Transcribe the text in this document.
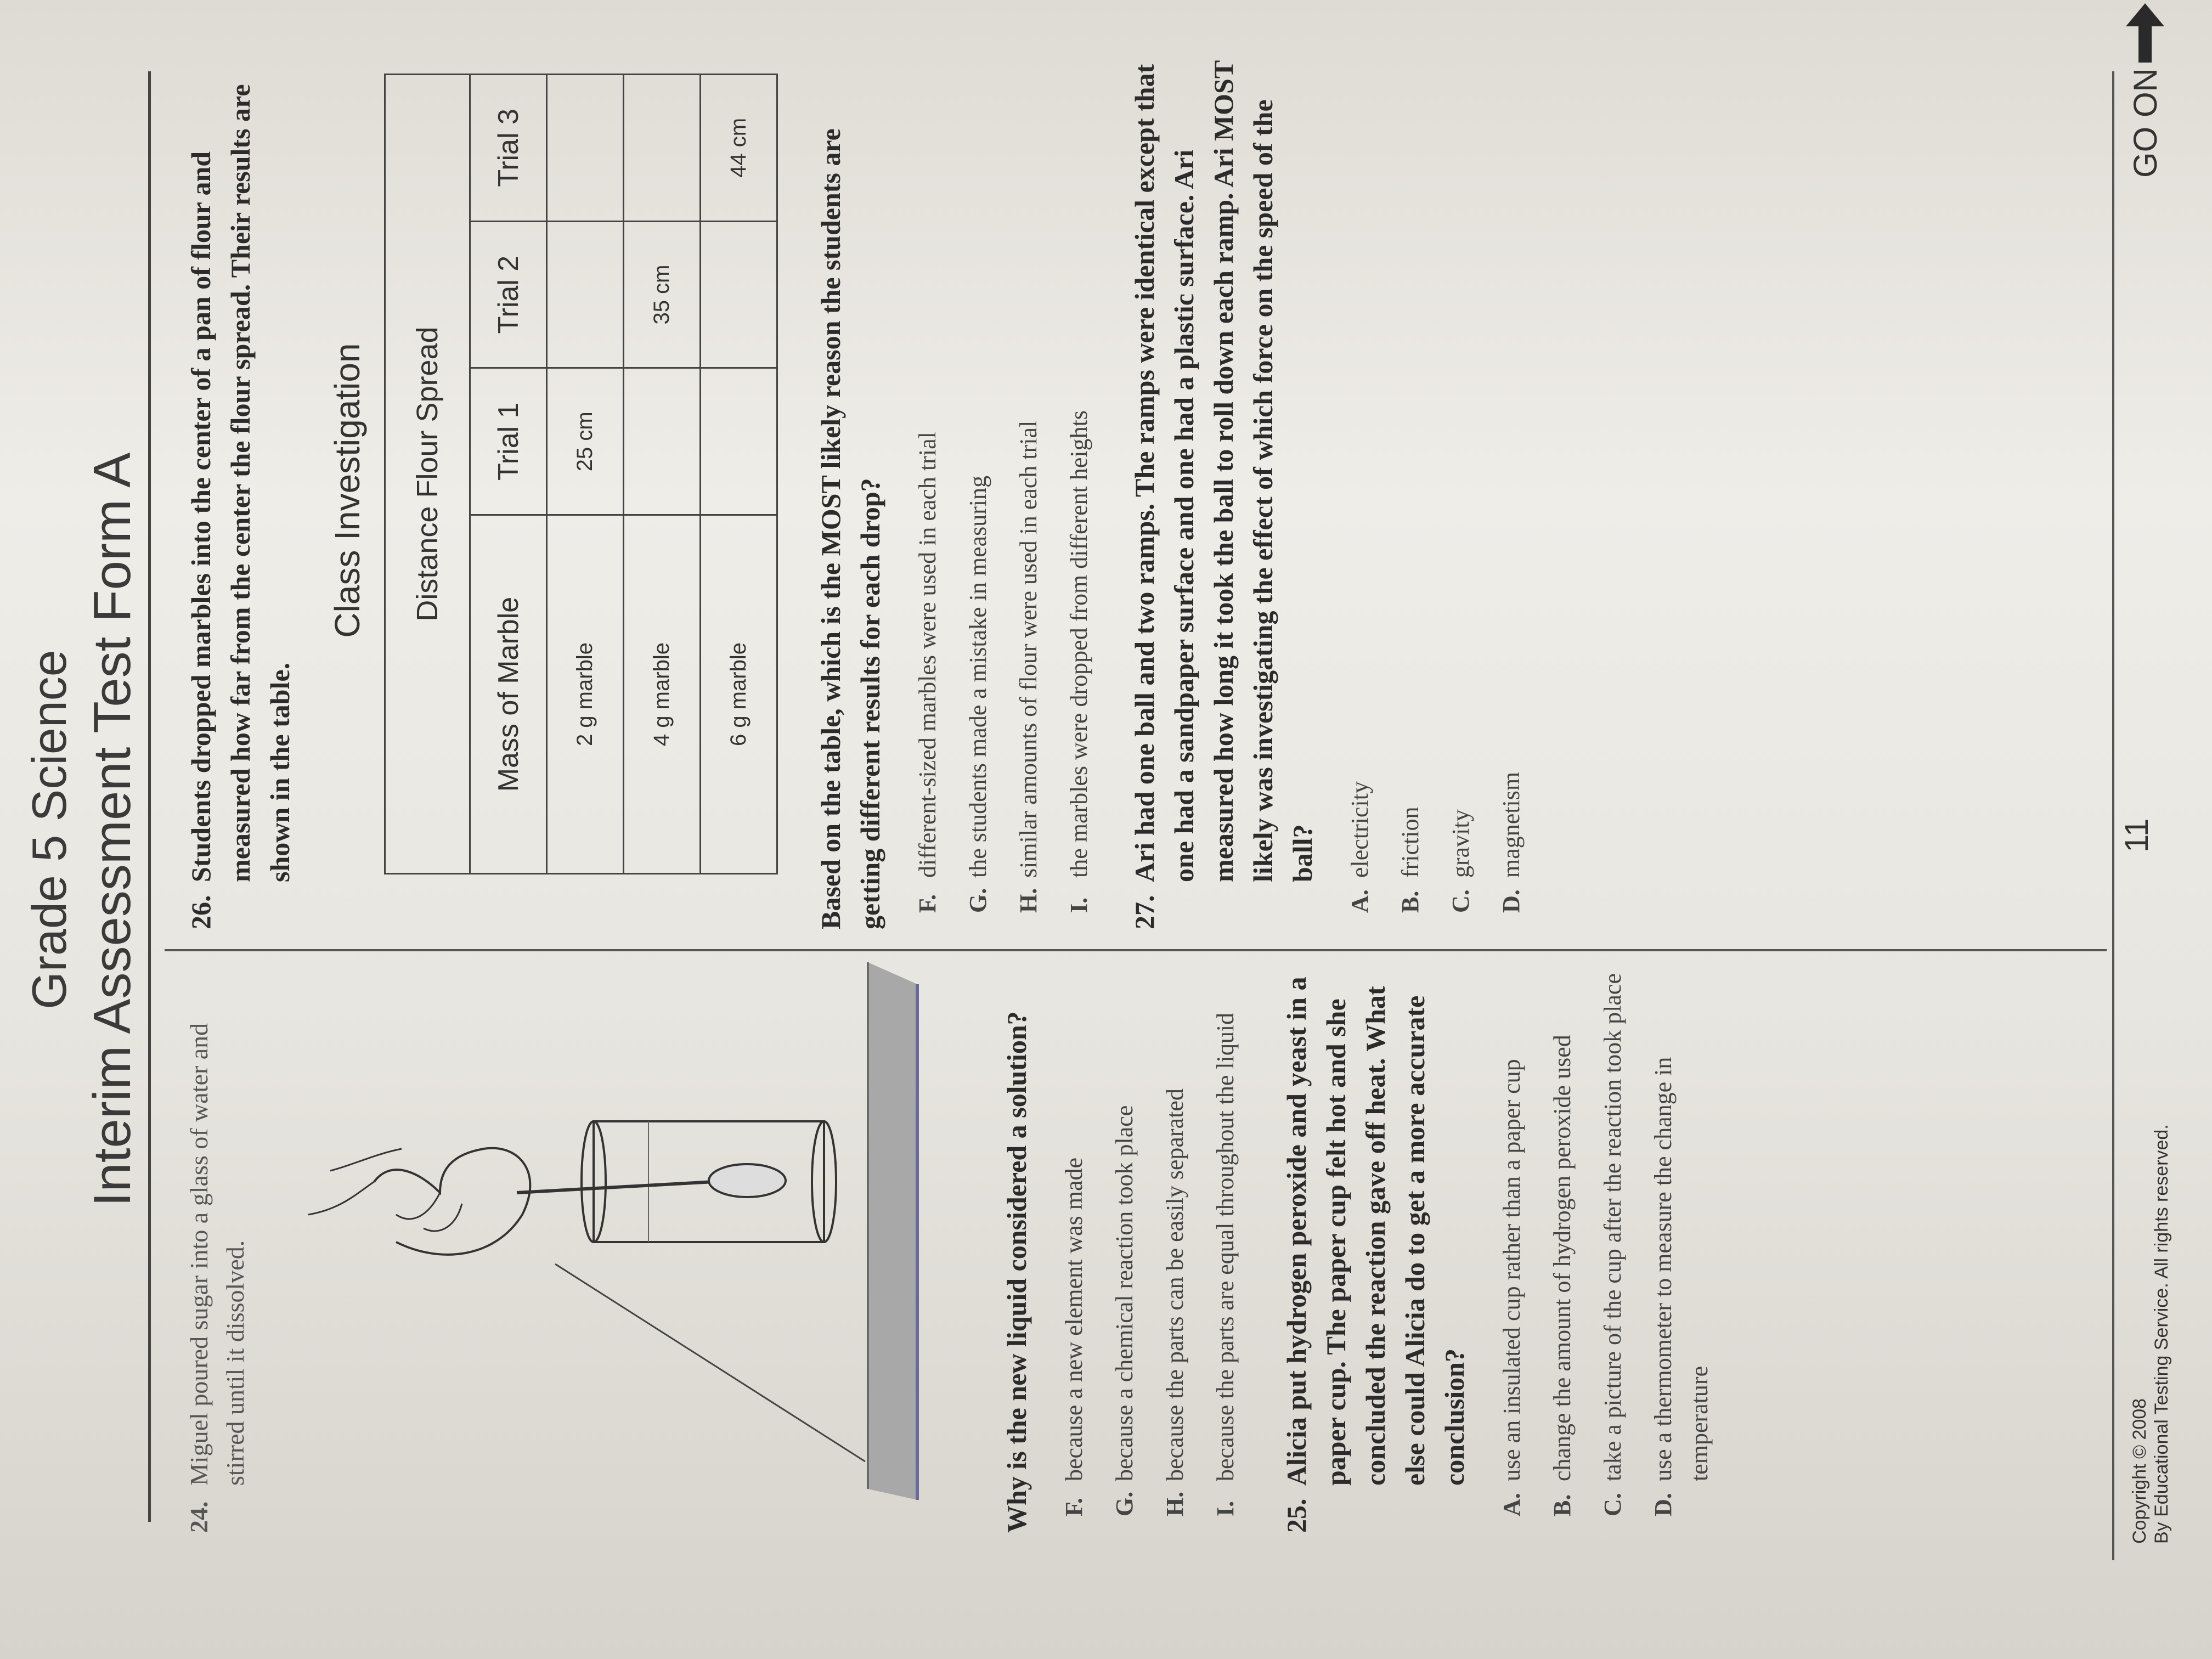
Grade 5 Science Interim Assessment Test Form A
24.
Miguel poured sugar into a glass of water and stirred until it dissolved.	Why is the new liquid considered a solution? F.
because a new element was made
G.
because a chemical reaction took place
H.
because the parts can be easily separated
I.
because the parts are equal throughout the liquid
25.
Alicia put hydrogen peroxide and yeast in a paper cup. The paper cup felt hot and she concluded the reaction gave off heat. What else could Alicia do to get a more accurate conclusion?
A.
use an insulated cup rather than a paper cup
B.
change the amount of hydrogen peroxide used
C.
take a picture of the cup after the reaction took place
D.
use a thermometer to measure the change in temperature
26.
Students dropped marbles into the center of a pan of flour and measured how far from the center the flour spread. Their results are shown in the table.
Class Investigation Distance Flour Spread			
Mass of Marble	Trial 1	Trial 2	Trial 3
2 g marble	25 cm		
4 g marble		35 cm	
6 g marble			44 cm Based on the table, which is the MOST likely reason the students are getting different results for each drop? F.
different-sized marbles were used in each trial
G.
the students made a mistake in measuring
H.
similar amounts of flour were used in each trial
I.
the marbles were dropped from different heights
27.
Ari had one ball and two ramps. The ramps were identical except that one had a sandpaper surface and one had a plastic surface. Ari measured how long it took the ball to roll down each ramp. Ari MOST likely was investigating the effect of which force on the speed of the ball?
A.
electricity
B.
friction
C.
gravity
D.
magnetism
Copyright © 2008 By Educational Testing Service. All rights reserved.
11
GO ON
